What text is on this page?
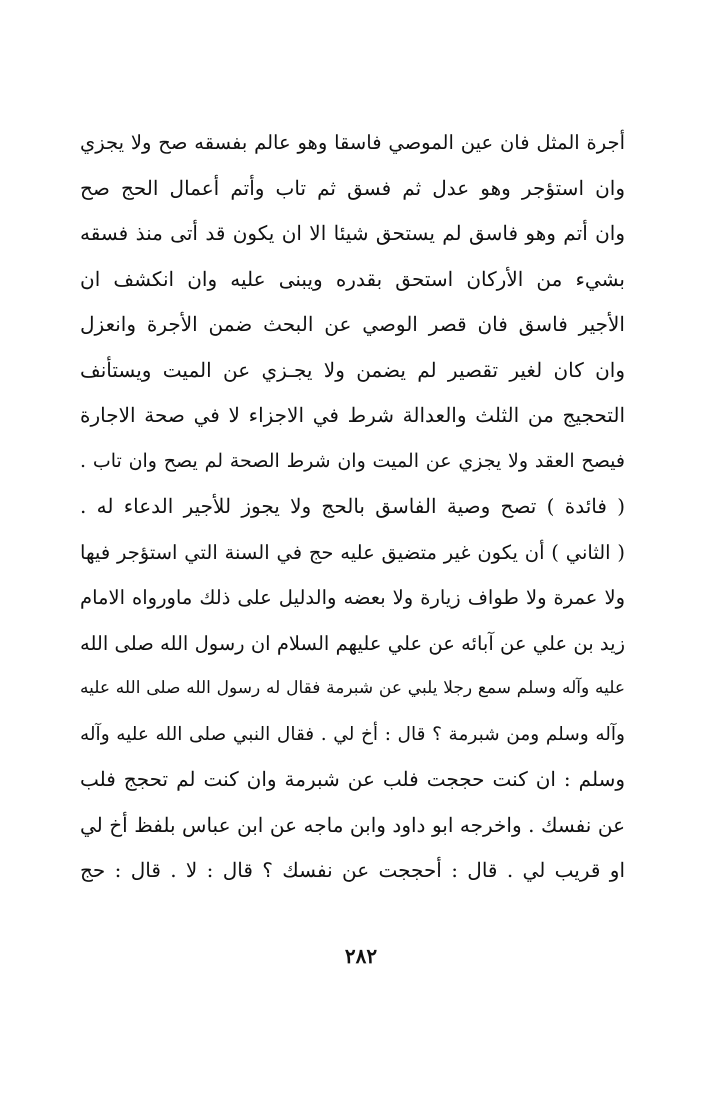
أجرة المثل فان عين الموصي فاسقا وهو عالم بفسقه صح ولا يجزي
وان استؤجر وهو عدل ثم فسق ثم تاب وأتم أعمال الحج صح
وان أتم وهو فاسق لم يستحق شيئا الا ان يكون قد أتى منذ فسقه
بشيء من الأركان استحق بقدره ويبنى عليه وان انكشف ان
الأجير فاسق فان قصر الوصي عن البحث ضمن الأجرة وانعزل
وان كان لغير تقصير لم يضمن ولا يجـزي عن الميت ويستأنف
التحجيج من الثلث والعدالة شرط في الاجزاء لا في صحة الاجارة
فيصح العقد ولا يجزي عن الميت وان شرط الصحة لم يصح وان تاب .
( فائدة ) تصح وصية الفاسق بالحج ولا يجوز للأجير الدعاء له .
( الثاني ) أن يكون غير متضيق عليه حج في السنة التي استؤجر فيها
ولا عمرة ولا طواف زيارة ولا بعضه والدليل على ذلك ماورواه الامام
زيد بن علي عن آبائه عن علي عليهم السلام ان رسول الله صلى الله
عليه وآله وسلم سمع رجلا يلبي عن شبرمة فقال له رسول الله صلى الله عليه
وآله وسلم ومن شبرمة ؟ قال : أخ لي . فقال النبي صلى الله عليه وآله
وسلم : ان كنت حججت فلب عن شبرمة وان كنت لم تحجج فلب
عن نفسك . واخرجه ابو داود وابن ماجه عن ابن عباس بلفظ أخ لي
او قريب لي . قال : أحججت عن نفسك ؟ قال : لا . قال : حج
٢٨٢
